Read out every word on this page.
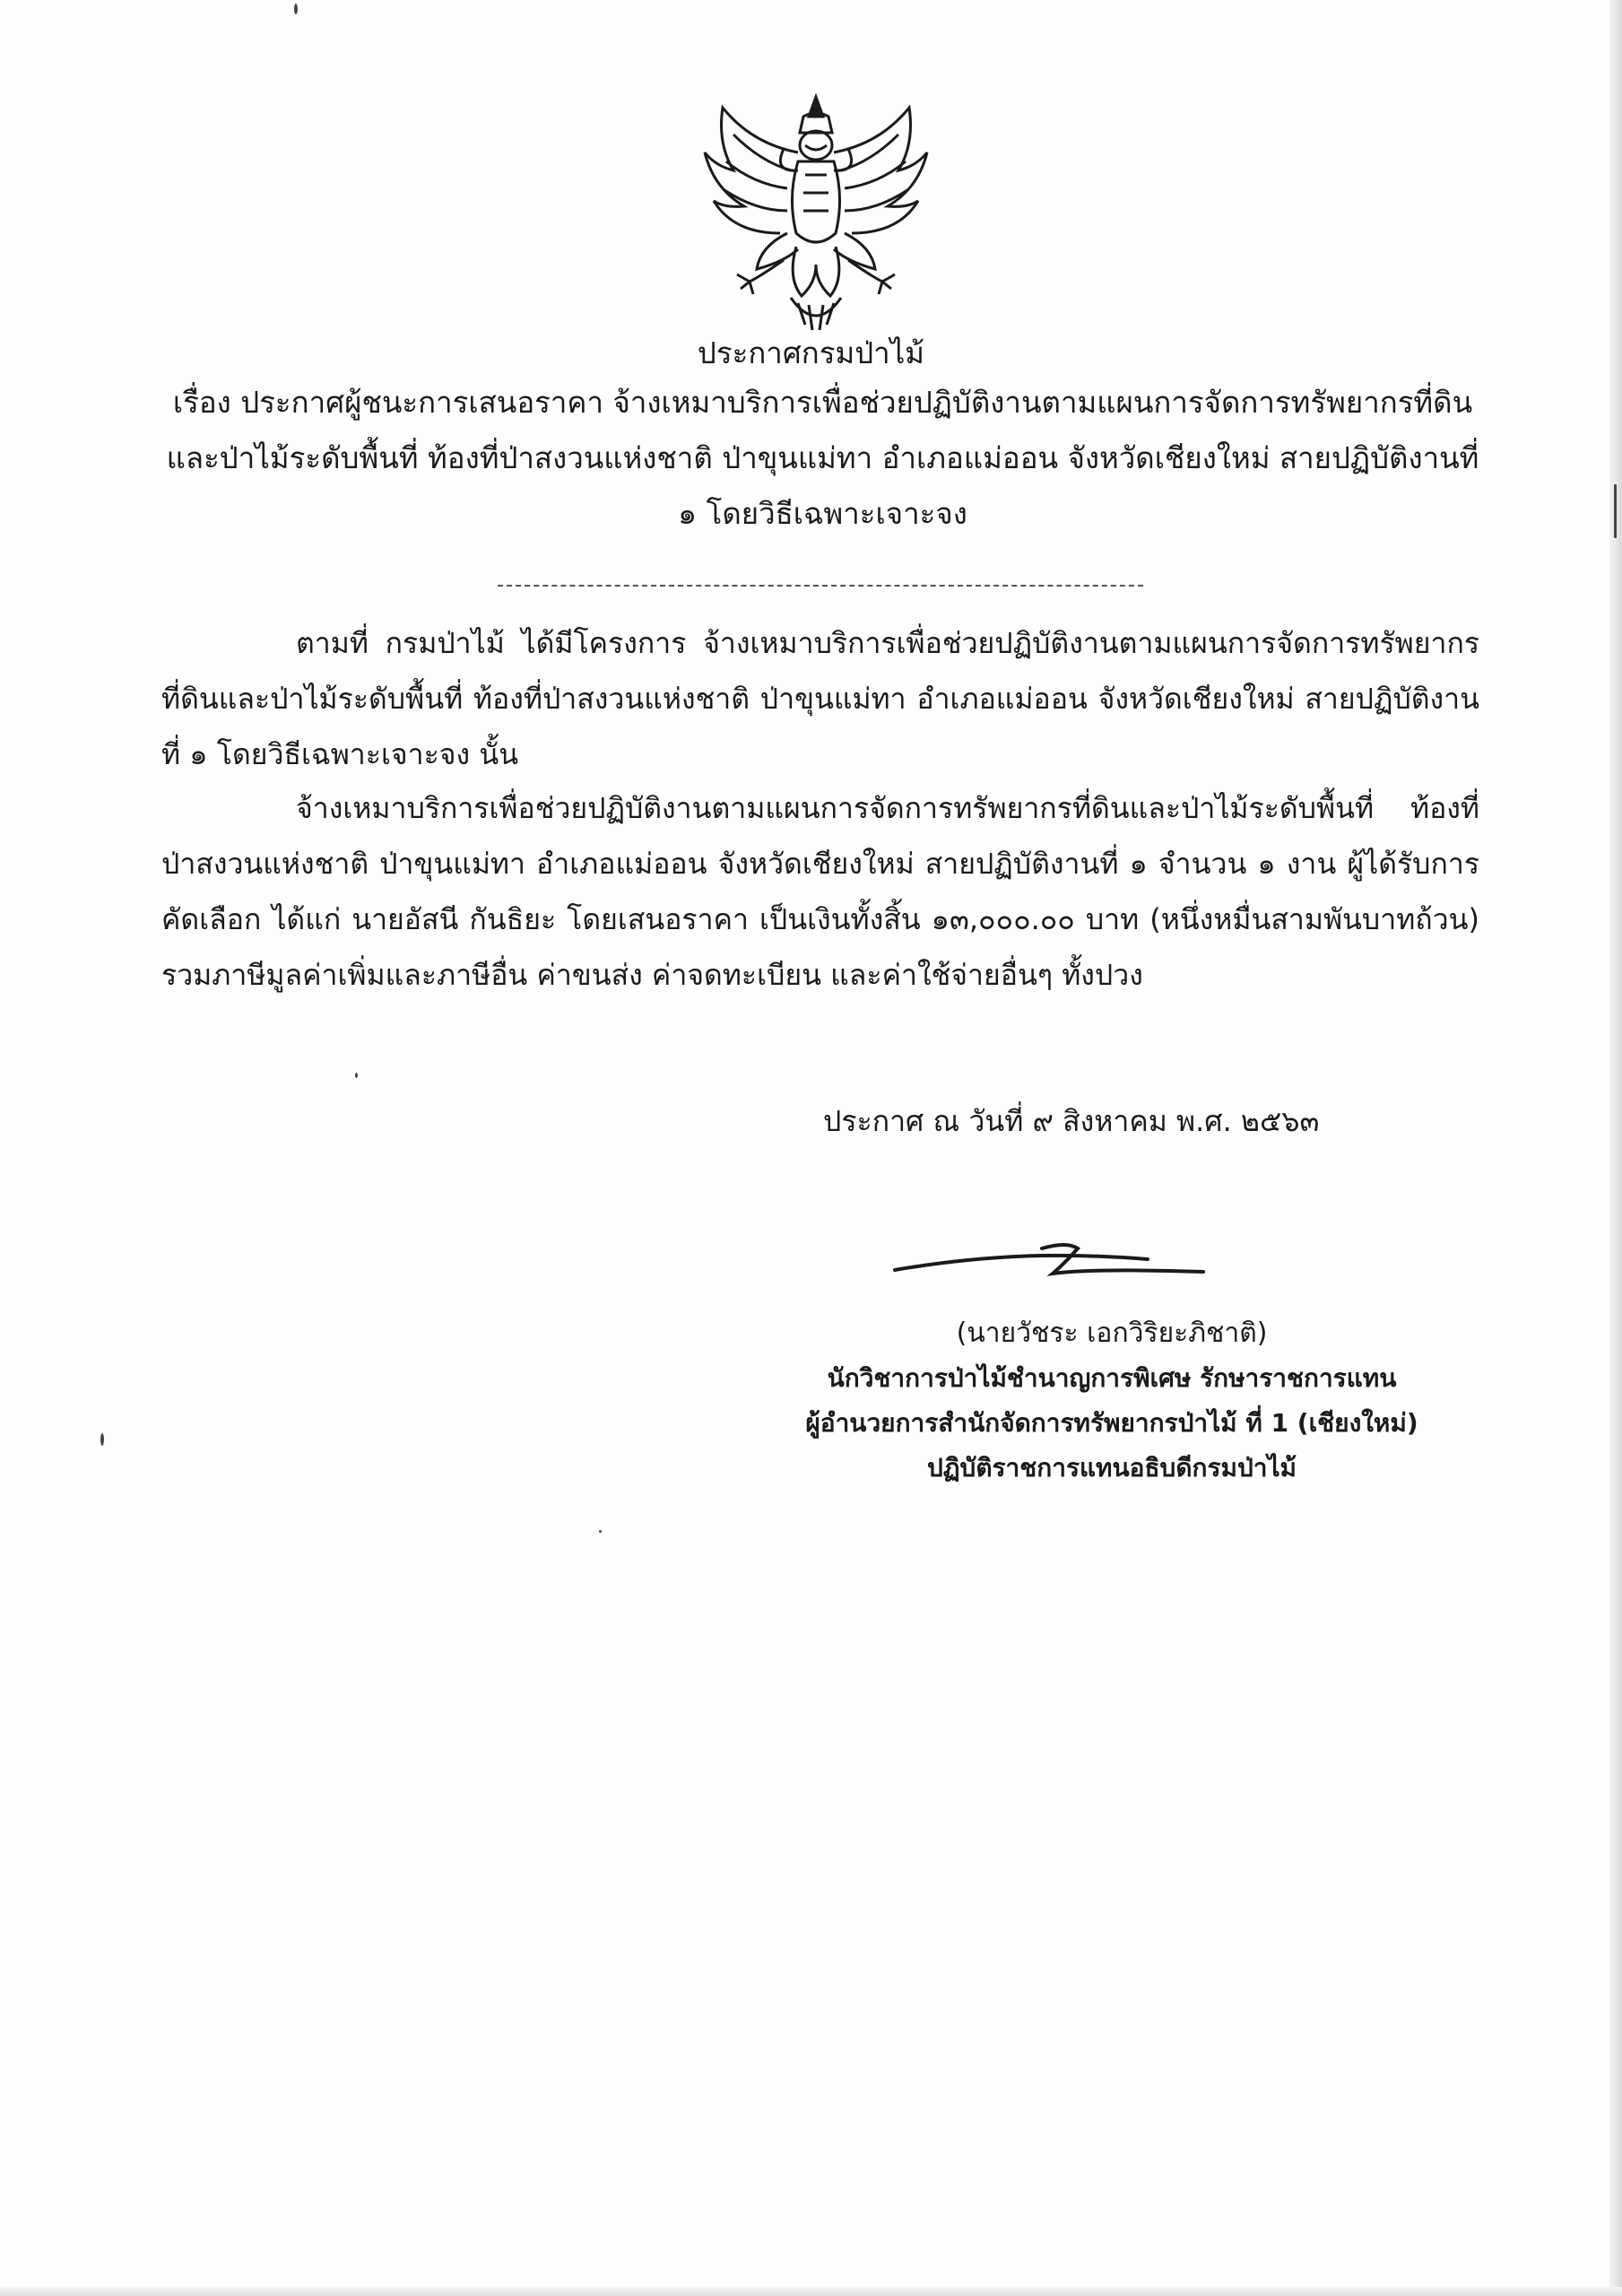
ประกาศกรมป่าไม้
เรื่อง ประกาศผู้ชนะการเสนอราคา จ้างเหมาบริการเพื่อช่วยปฏิบัติงานตามแผนการจัดการทรัพยากรที่ดินและป่าไม้ระดับพื้นที่ ท้องที่ป่าสงวนแห่งชาติ ป่าขุนแม่ทา อำเภอแม่ออน จังหวัดเชียงใหม่ สายปฏิบัติงานที่ ๑ โดยวิธีเฉพาะเจาะจง
ตามที่ กรมป่าไม้ ได้มีโครงการ จ้างเหมาบริการเพื่อช่วยปฏิบัติงานตามแผนการจัดการทรัพยากรที่ดินและป่าไม้ระดับพื้นที่ ท้องที่ป่าสงวนแห่งชาติ ป่าขุนแม่ทา อำเภอแม่ออน จังหวัดเชียงใหม่ สายปฏิบัติงานที่ ๑ โดยวิธีเฉพาะเจาะจง นั้น
จ้างเหมาบริการเพื่อช่วยปฏิบัติงานตามแผนการจัดการทรัพยากรที่ดินและป่าไม้ระดับพื้นที่ ท้องที่ป่าสงวนแห่งชาติ ป่าขุนแม่ทา อำเภอแม่ออน จังหวัดเชียงใหม่ สายปฏิบัติงานที่ ๑ จำนวน ๑ งาน ผู้ได้รับการคัดเลือก ได้แก่ นายอัสนี กันธิยะ โดยเสนอราคา เป็นเงินทั้งสิ้น ๑๓,๐๐๐.๐๐ บาท (หนึ่งหมื่นสามพันบาทถ้วน) รวมภาษีมูลค่าเพิ่มและภาษีอื่น ค่าขนส่ง ค่าจดทะเบียน และค่าใช้จ่ายอื่นๆ ทั้งปวง
ประกาศ ณ วันที่ ๙ สิงหาคม พ.ศ. ๒๕๖๓
(นายวัชระ เอกวิริยะภิชาติ)
นักวิชาการป่าไม้ชำนาญการพิเศษ รักษาราชการแทน
ผู้อำนวยการสำนักจัดการทรัพยากรป่าไม้ ที่ 1 (เชียงใหม่)
ปฏิบัติราชการแทนอธิบดีกรมป่าไม้
